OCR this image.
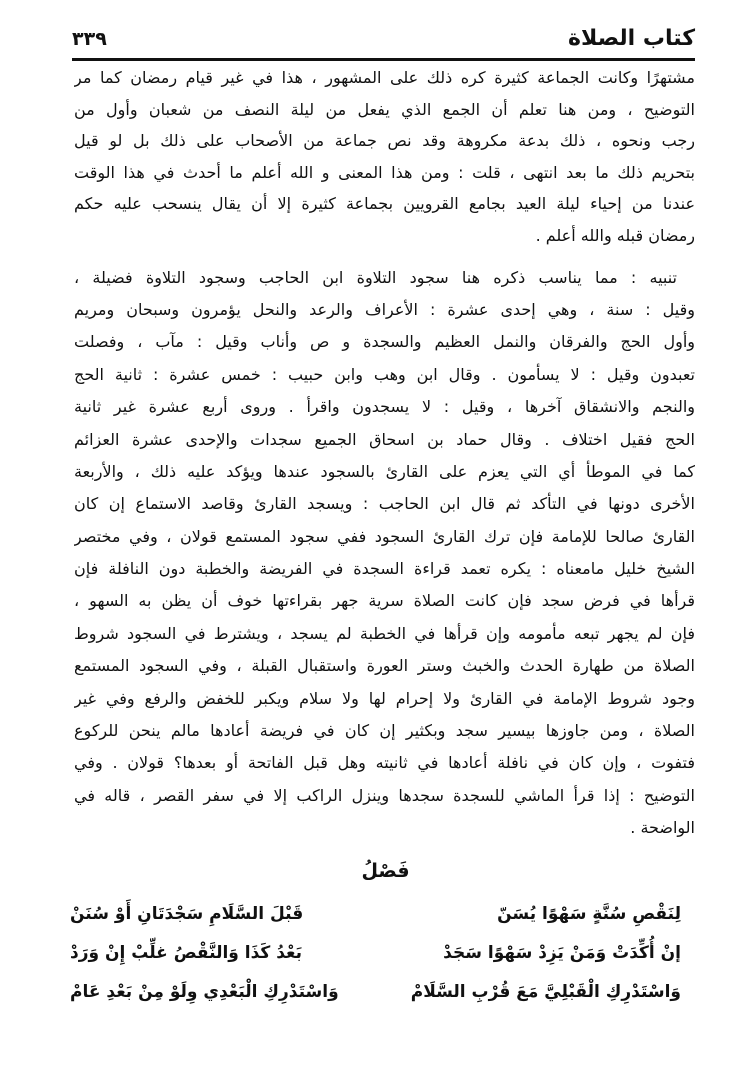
كتاب الصلاة
٣٣٩
مشتهرًا وكانت الجماعة كثيرة كره ذلك على المشهور ، هذا في غير قيام رمضان كما مر
التوضيح ، ومن هنا تعلم أن الجمع الذي يفعل من ليلة النصف من شعبان وأول من
رجب ونحوه ، ذلك بدعة مكروهة وقد نص جماعة من الأصحاب على ذلك بل لو قيل
بتحريم ذلك ما بعد انتهى ، قلت : ومن هذا المعنى و الله أعلم ما أحدث في هذا الوقت
عندنا من إحياء ليلة العيد بجامع القرويين بجماعة كثيرة إلا أن يقال ينسحب عليه حكم
رمضان قبله والله أعلم .
تنبيه : مما يناسب ذكره هنا سجود التلاوة ابن الحاجب وسجود التلاوة فضيلة ،
وقيل : سنة ، وهي إحدى عشرة : الأعراف والرعد والنحل يؤمرون وسبحان ومريم
وأول الحج والفرقان والنمل العظيم والسجدة و ص وأناب وقيل : مآب ، وفصلت
تعبدون وقيل : لا يسأمون . وقال ابن وهب وابن حبيب : خمس عشرة : ثانية الحج
والنجم والانشقاق آخرها ، وقيل : لا يسجدون واقرأ . وروى أربع عشرة غير ثانية
الحج فقيل اختلاف . وقال حماد بن اسحاق الجميع سجدات والإحدى عشرة العزائم
كما في الموطأ أي التي يعزم على القارئ بالسجود عندها ويؤكد عليه ذلك ، والأربعة
الأخرى دونها في التأكد ثم قال ابن الحاجب : ويسجد القارئ وقاصد الاستماع إن كان
القارئ صالحا للإمامة فإن ترك القارئ السجود ففي سجود المستمع قولان ، وفي مختصر
الشيخ خليل مامعناه : يكره تعمد قراءة السجدة في الفريضة والخطبة دون النافلة فإن
قرأها في فرض سجد فإن كانت الصلاة سرية جهر بقراءتها خوف أن يظن به السهو ،
فإن لم يجهر تبعه مأمومه وإن قرأها في الخطبة لم يسجد ، ويشترط في السجود شروط
الصلاة من طهارة الحدث والخبث وستر العورة واستقبال القبلة ، وفي السجود المستمع
وجود شروط الإمامة في القارئ ولا إحرام لها ولا سلام ويكبر للخفض والرفع وفي غير
الصلاة ، ومن جاوزها بيسير سجد وبكثير إن كان في فريضة أعادها مالم ينحن للركوع
فتفوت ، وإن كان في نافلة أعادها في ثانيته وهل قبل الفاتحة أو بعدها؟ قولان . وفي
التوضيح : إذا قرأ الماشي للسجدة سجدها وينزل الراكب إلا في سفر القصر ، قاله في
الواضحة .
فَصْلُ
لِنَقْصِ سُنَّةٍ سَهْوًا يُسَنّ
قَبْلَ السَّلَامِ سَجْدَتَانِ أَوْ سُنَنْ
إنْ أُكِّدَتْ وَمَنْ يَزِدْ سَهْوًا سَجَدْ
بَعْدُ كَذَا وَالنَّقْصُ غلِّبْ إِنْ وَرَدْ
وَاسْتَدْرِكِ الْقَبْلِيَّ مَعَ قُرْبِ السَّلَامْ
وَاسْتَدْرِكِ الْبَعْدِي وِلَوْ مِنْ بَعْدِ عَامْ
